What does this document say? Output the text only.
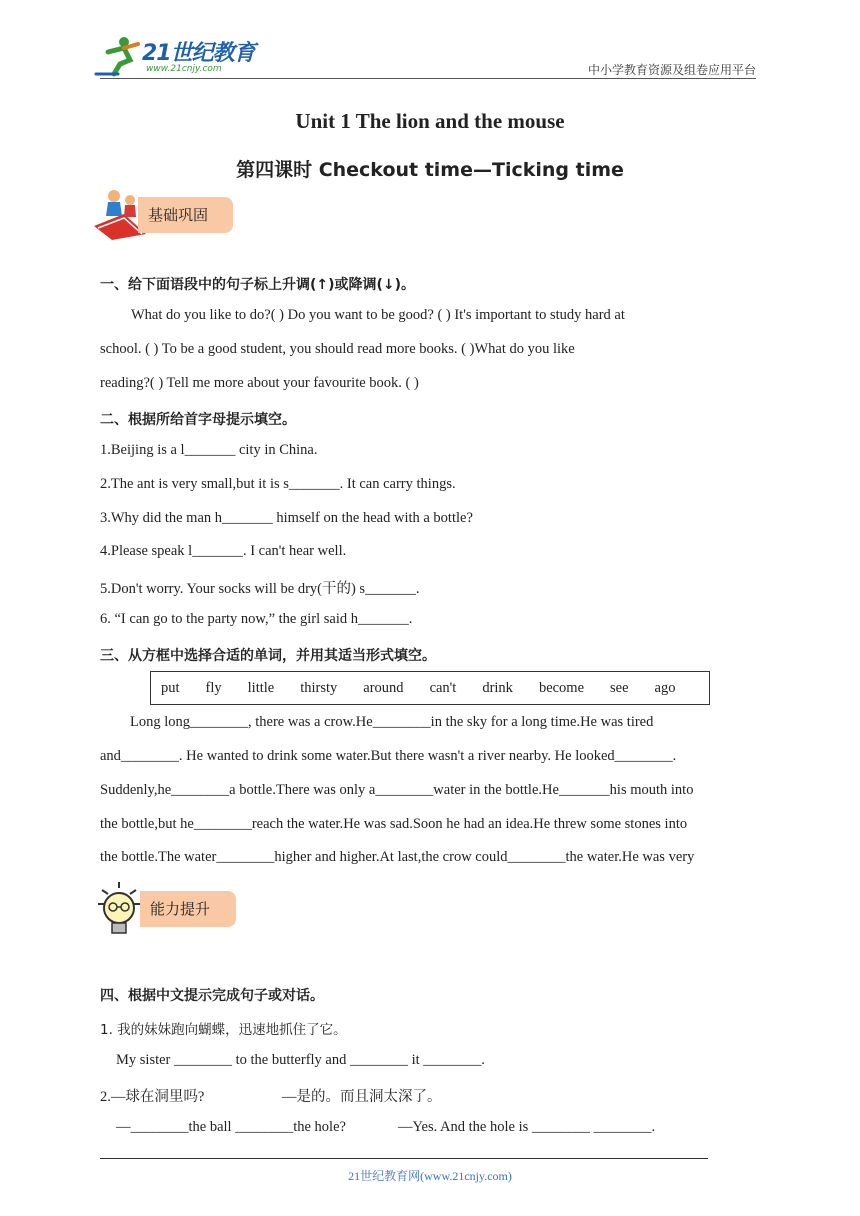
21世纪教育
www.21cnjy.com	中小学教育资源及组卷应用平台
Unit 1 The lion and the mouse
第四课时 Checkout time—Ticking time
基础巩固
一、给下面语段中的句子标上升调(↑)或降调(↓)。
What do you like to do?( ) Do you want to be good? ( ) It's important to study hard at
school. ( ) To be a good student, you should read more books. ( )What do you like
reading?( ) Tell me more about your favourite book. ( )
二、根据所给首字母提示填空。
1.Beijing is a l_______ city in China.
2.The ant is very small,but it is s_______. It can carry things.
3.Why did the man h_______ himself on the head with a bottle?
4.Please speak l_______. I can't hear well.
5.Don't worry. Your socks will be dry(干的) s_______.
6. “I can go to the party now,” the girl said h_______.
三、从方框中选择合适的单词，并用其适当形式填空。
put fly little thirsty around can't drink become see ago
Long long________, there was a crow.He________in the sky for a long time.He was tired
and________. He wanted to drink some water.But there wasn't a river nearby. He looked________.
Suddenly,he________a bottle.There was only a________water in the bottle.He_______his mouth into
the bottle,but he________reach the water.He was sad.Soon he had an idea.He threw some stones into
the bottle.The water________higher and higher.At last,the crow could________the water.He was very
能力提升
四、根据中文提示完成句子或对话。
1. 我的妹妹跑向蝴蝶，迅速地抓住了它。
My sister ________ to the butterfly and ________ it ________.
2.—球在洞里吗?	—是的。而且洞太深了。
—________the ball ________the hole?	—Yes. And the hole is ________ ________.
21世纪教育网(www.21cnjy.com)
